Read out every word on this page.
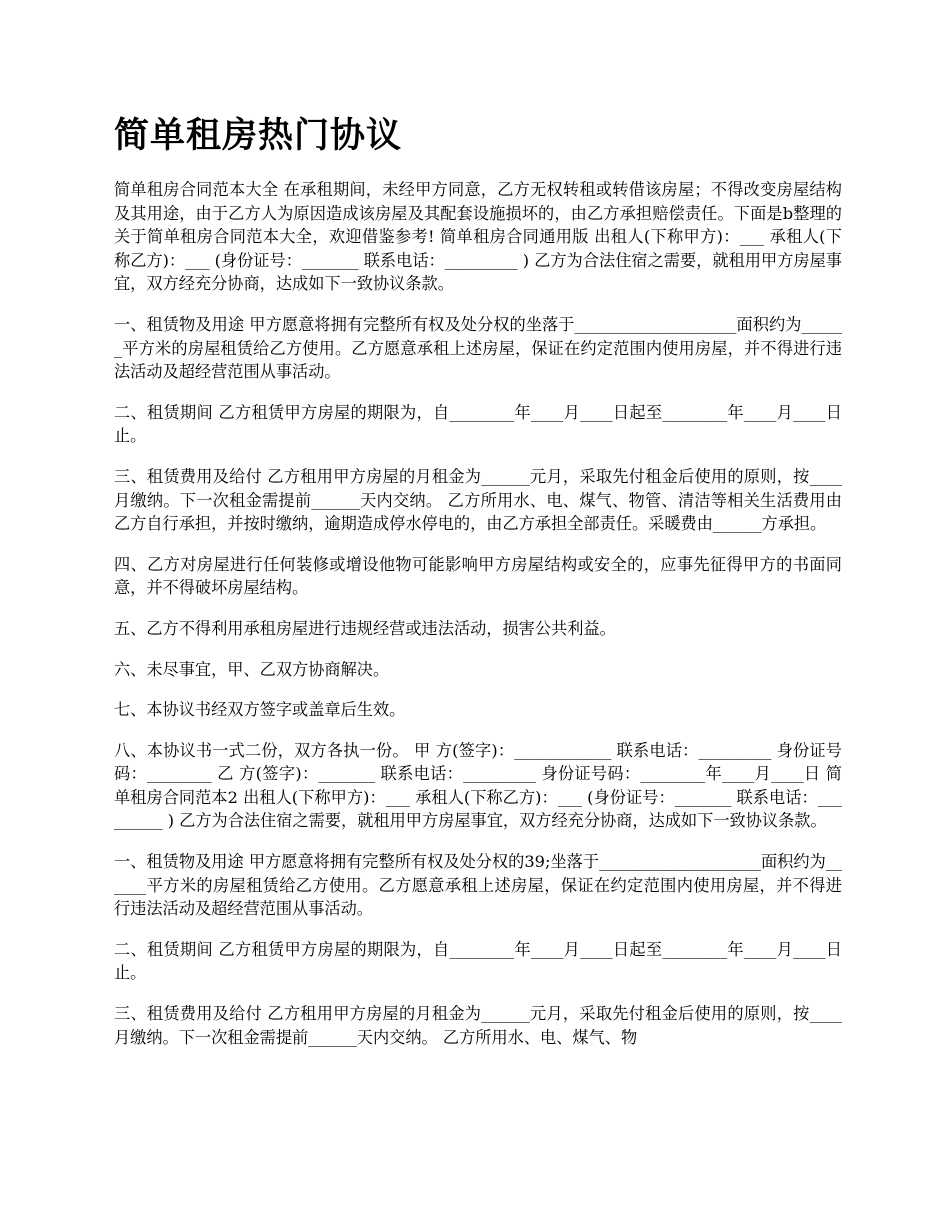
简单租房热门协议

简单租房合同范本大全 在承租期间，未经甲方同意，乙方无权转租或转借该房屋；不得改变房屋结构及其用途，由于乙方人为原因造成该房屋及其配套设施损坏的，由乙方承担赔偿责任。下面是b整理的关于简单租房合同范本大全，欢迎借鉴参考! 简单租房合同通用版 出租人(下称甲方)：___ 承租人(下称乙方)：___ (身份证号：_______ 联系电话：_________ ) 乙方为合法住宿之需要，就租用甲方房屋事宜，双方经充分协商，达成如下一致协议条款。

一、租赁物及用途 甲方愿意将拥有完整所有权及处分权的坐落于____________________面积约为______平方米的房屋租赁给乙方使用。乙方愿意承租上述房屋，保证在约定范围内使用房屋，并不得进行违法活动及超经营范围从事活动。

二、租赁期间 乙方租赁甲方房屋的期限为，自________年____月____日起至________年____月____日止。

三、租赁费用及给付 乙方租用甲方房屋的月租金为______元月，采取先付租金后使用的原则，按____月缴纳。下一次租金需提前______天内交纳。 乙方所用水、电、煤气、物管、清洁等相关生活费用由乙方自行承担，并按时缴纳，逾期造成停水停电的，由乙方承担全部责任。采暖费由______方承担。

四、乙方对房屋进行任何装修或增设他物可能影响甲方房屋结构或安全的，应事先征得甲方的书面同意，并不得破坏房屋结构。

五、乙方不得利用承租房屋进行违规经营或违法活动，损害公共利益。

六、未尽事宜，甲、乙双方协商解决。

七、本协议书经双方签字或盖章后生效。

八、本协议书一式二份，双方各执一份。 甲 方(签字)：____________ 联系电话：_________ 身份证号码：________ 乙 方(签字)：_______ 联系电话：_________ 身份证号码：________年____月____日 简单租房合同范本2 出租人(下称甲方)：___ 承租人(下称乙方)：___ (身份证号：_______ 联系电话：_________ ) 乙方为合法住宿之需要，就租用甲方房屋事宜，双方经充分协商，达成如下一致协议条款。

一、租赁物及用途 甲方愿意将拥有完整所有权及处分权的39;坐落于____________________面积约为______平方米的房屋租赁给乙方使用。乙方愿意承租上述房屋，保证在约定范围内使用房屋，并不得进行违法活动及超经营范围从事活动。

二、租赁期间 乙方租赁甲方房屋的期限为，自________年____月____日起至________年____月____日止。

三、租赁费用及给付 乙方租用甲方房屋的月租金为______元月，采取先付租金后使用的原则，按____月缴纳。下一次租金需提前______天内交纳。 乙方所用水、电、煤气、物
